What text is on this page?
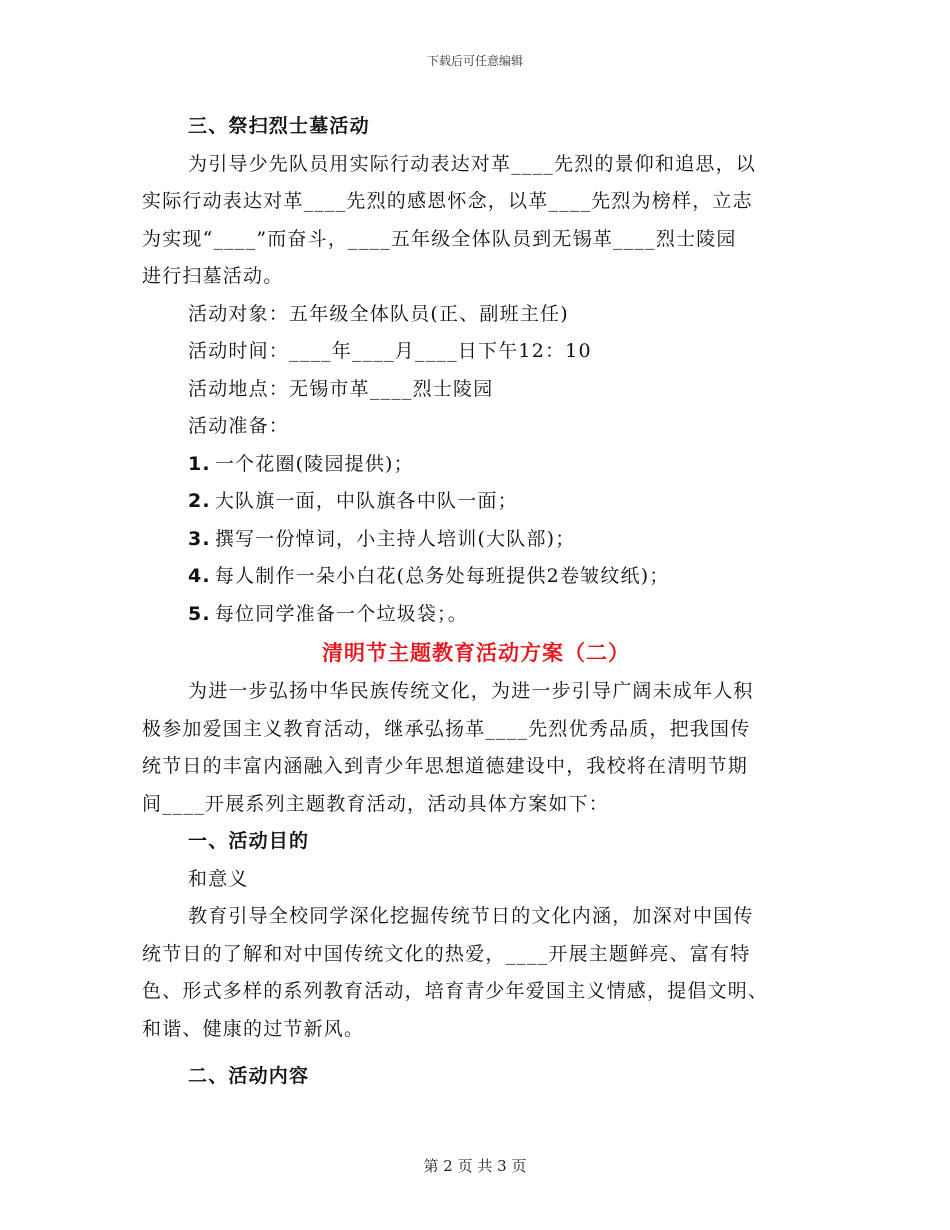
下载后可任意编辑
三、祭扫烈士墓活动
为引导少先队员用实际行动表达对革____先烈的景仰和追思，以
实际行动表达对革____先烈的感恩怀念，以革____先烈为榜样，立志
为实现“____”而奋斗，____五年级全体队员到无锡革____烈士陵园
进行扫墓活动。
活动对象：五年级全体队员(正、副班主任)
活动时间：____年____月____日下午12：10
活动地点：无锡市革____烈士陵园
活动准备：
1. 一个花圈(陵园提供)；
2. 大队旗一面，中队旗各中队一面；
3. 撰写一份悼词，小主持人培训(大队部)；
4. 每人制作一朵小白花(总务处每班提供2卷皱纹纸)；
5. 每位同学准备一个垃圾袋；。
清明节主题教育活动方案（二）
为进一步弘扬中华民族传统文化，为进一步引导广阔未成年人积
极参加爱国主义教育活动，继承弘扬革____先烈优秀品质，把我国传
统节日的丰富内涵融入到青少年思想道德建设中，我校将在清明节期
间____开展系列主题教育活动，活动具体方案如下：
一、活动目的
和意义
教育引导全校同学深化挖掘传统节日的文化内涵，加深对中国传
统节日的了解和对中国传统文化的热爱，____开展主题鲜亮、富有特
色、形式多样的系列教育活动，培育青少年爱国主义情感，提倡文明、
和谐、健康的过节新风。
二、活动内容
第 2 页 共 3 页
